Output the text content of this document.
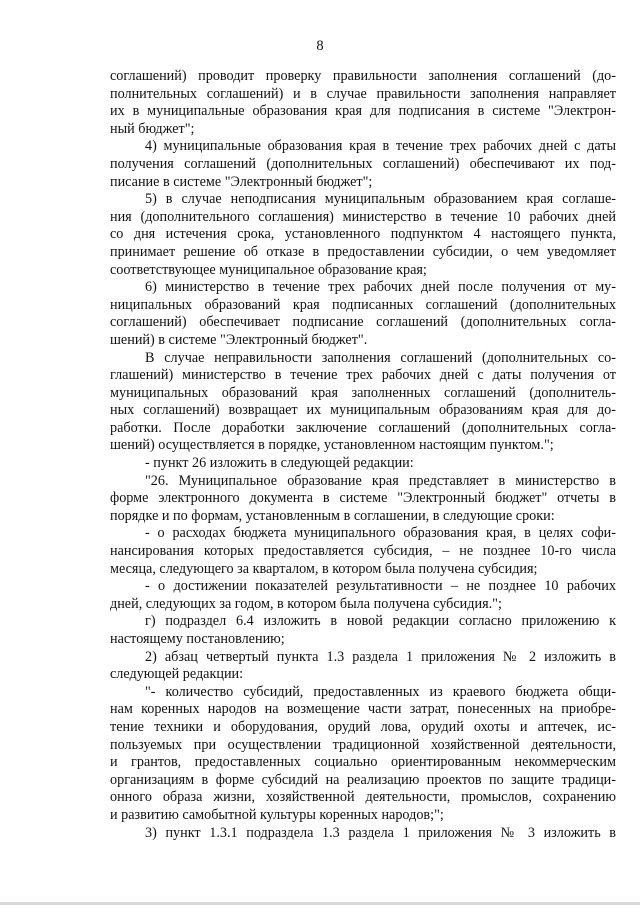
8
соглашений) проводит проверку правильности заполнения соглашений (до-
полнительных соглашений) и в случае правильности заполнения направляет
их в муниципальные образования края для подписания в системе "Электрон-
ный бюджет";
4) муниципальные образования края в течение трех рабочих дней с даты
получения соглашений (дополнительных соглашений) обеспечивают их под-
писание в системе "Электронный бюджет";
5) в случае неподписания муниципальным образованием края соглаше-
ния (дополнительного соглашения) министерство в течение 10 рабочих дней
со дня истечения срока, установленного подпунктом 4 настоящего пункта,
принимает решение об отказе в предоставлении субсидии, о чем уведомляет
соответствующее муниципальное образование края;
6) министерство в течение трех рабочих дней после получения от му-
ниципальных образований края подписанных соглашений (дополнительных
соглашений) обеспечивает подписание соглашений (дополнительных согла-
шений) в системе "Электронный бюджет".
В случае неправильности заполнения соглашений (дополнительных со-
глашений) министерство в течение трех рабочих дней с даты получения от
муниципальных образований края заполненных соглашений (дополнитель-
ных соглашений) возвращает их муниципальным образованиям края для до-
работки. После доработки заключение соглашений (дополнительных согла-
шений) осуществляется в порядке, установленном настоящим пунктом.";
- пункт 26 изложить в следующей редакции:
"26. Муниципальное образование края представляет в министерство в
форме электронного документа в системе "Электронный бюджет" отчеты в
порядке и по формам, установленным в соглашении, в следующие сроки:
- о расходах бюджета муниципального образования края, в целях софи-
нансирования которых предоставляется субсидия, – не позднее 10-го числа
месяца, следующего за кварталом, в котором была получена субсидия;
- о достижении показателей результативности – не позднее 10 рабочих
дней, следующих за годом, в котором была получена субсидия.";
г) подраздел 6.4 изложить в новой редакции согласно приложению к
настоящему постановлению;
2) абзац четвертый пункта 1.3 раздела 1 приложения № 2 изложить в
следующей редакции:
"- количество субсидий, предоставленных из краевого бюджета общи-
нам коренных народов на возмещение части затрат, понесенных на приобре-
тение техники и оборудования, орудий лова, орудий охоты и аптечек, ис-
пользуемых при осуществлении традиционной хозяйственной деятельности,
и грантов, предоставленных социально ориентированным некоммерческим
организациям в форме субсидий на реализацию проектов по защите традици-
онного образа жизни, хозяйственной деятельности, промыслов, сохранению
и развитию самобытной культуры коренных народов;";
3) пункт 1.3.1 подраздела 1.3 раздела 1 приложения № 3 изложить в
